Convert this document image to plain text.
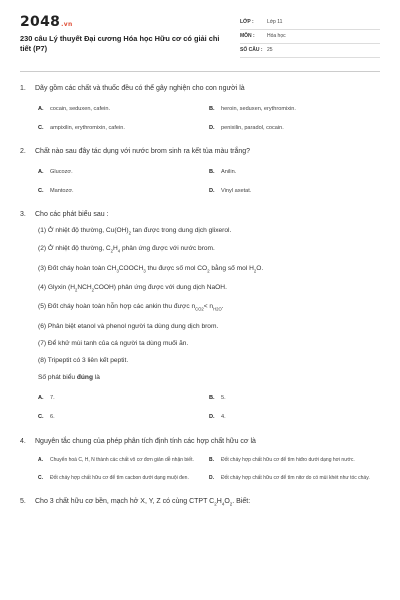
2048.vn
230 câu Lý thuyết Đại cương Hóa học Hữu cơ có giải chi tiết (P7)
LỚP :	Lớp 11
MÔN :	Hóa học
SỐ CÂU : 25
1.	Dãy gồm các chất và thuốc đều có thể gây nghiện cho con người là
A.	cocain, seduxen, cafein.	B.	heroin, seduxen, erythromixin.
C.	ampixilin, erythromixin, cafein.	D.	penixilin, paradol, cocain.
2.	Chất nào sau đây tác dụng với nước brom sinh ra kết tủa màu trắng?
A.	Glucozơ.	B.	Anilin.
C.	Mantozơ.	D.	Vinyl axetat.
3.	Cho các phát biểu sau :
(1) Ở nhiệt độ thường, $Cu(OH)_2$ tan được trong dung dịch glixerol.
(2) Ở nhiệt độ thường, $C_2H_4$ phản ứng được với nước brom.
(3) Đốt cháy hoàn toàn $CH_3COOCH_3$ thu được số mol $CO_2$ bằng số mol $H_2O$.
(4) Glyxin $(H_2NCH_2COOH)$ phản ứng được với dung dịch NaOH.
(5) Đốt cháy hoàn toàn hỗn hợp các ankin thu được $n_{CO2}< n_{H2O}$.
(6) Phân biệt etanol và phenol người ta dùng dung dịch brom.
(7) Để khử mùi tanh của cá người ta dùng muối ăn.
(8) Tripeptit có 3 liên kết peptit.
Số phát biểu đúng là
A.	7.	B.	5.
C.	6.	D.	4.
4.	Nguyên tắc chung của phép phân tích định tính các hợp chất hữu cơ là
A.	Chuyển hoá C, H, N thành các chất vô cơ đơn giản dễ nhận biết.	B.	Đốt cháy hợp chất hữu cơ để tìm hiđro dưới dạng hơi nước.
C.	Đốt cháy hợp chất hữu cơ để tìm cacbon dưới dạng muội đen.	D.	Đốt cháy hợp chất hữu cơ để tìm nitơ do có mùi khét như tóc cháy.
5.	Cho 3 chất hữu cơ bền, mạch hở X, Y, Z có cùng CTPT $C_2H_4O_2$. Biết:
